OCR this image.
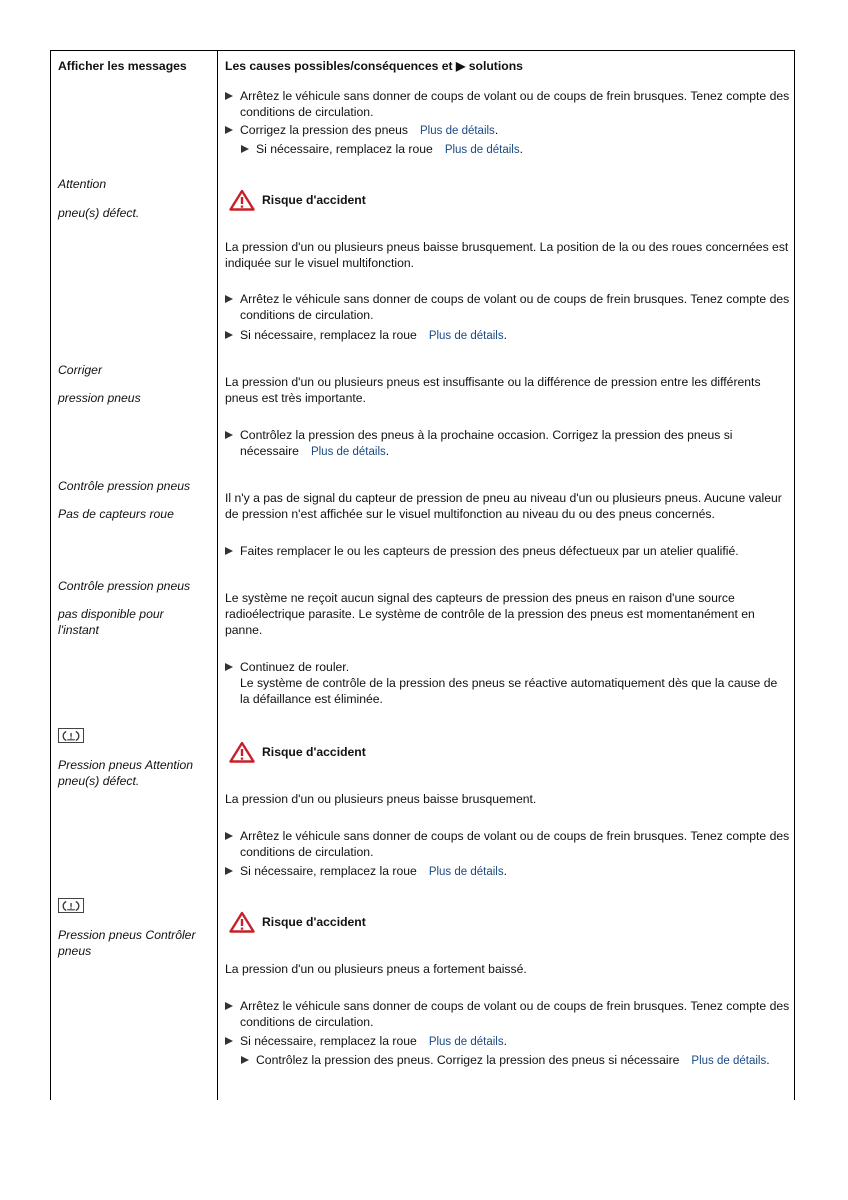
Afficher les messages	Les causes possibles/conséquences et ▶ solutions
Arrêtez le véhicule sans donner de coups de volant ou de coups de frein brusques. Tenez compte des conditions de circulation.
Corrigez la pression des pneus Plus de détails.
Si nécessaire, remplacez la roue Plus de détails.
Attention
pneu(s) défect.
Risque d'accident
La pression d'un ou plusieurs pneus baisse brusquement. La position de la ou des roues concernées est indiquée sur le visuel multifonction.
Arrêtez le véhicule sans donner de coups de volant ou de coups de frein brusques. Tenez compte des conditions de circulation.
Si nécessaire, remplacez la roue Plus de détails.
Corriger
pression pneus
La pression d'un ou plusieurs pneus est insuffisante ou la différence de pression entre les différents pneus est très importante.
Contrôlez la pression des pneus à la prochaine occasion. Corrigez la pression des pneus si nécessaire Plus de détails.
Contrôle pression pneus
Pas de capteurs roue
Il n'y a pas de signal du capteur de pression de pneu au niveau d'un ou plusieurs pneus. Aucune valeur de pression n'est affichée sur le visuel multifonction au niveau du ou des pneus concernés.
Faites remplacer le ou les capteurs de pression des pneus défectueux par un atelier qualifié.
Contrôle pression pneus
pas disponible pour l'instant
Le système ne reçoit aucun signal des capteurs de pression des pneus en raison d'une source radioélectrique parasite. Le système de contrôle de la pression des pneus est momentanément en panne.
Continuez de rouler.
Le système de contrôle de la pression des pneus se réactive automatiquement dès que la cause de la défaillance est éliminée.
Pression pneus Attention pneu(s) défect.
Risque d'accident
La pression d'un ou plusieurs pneus baisse brusquement.
Arrêtez le véhicule sans donner de coups de volant ou de coups de frein brusques. Tenez compte des conditions de circulation.
Si nécessaire, remplacez la roue Plus de détails.
Pression pneus Contrôler pneus
Risque d'accident
La pression d'un ou plusieurs pneus a fortement baissé.
Arrêtez le véhicule sans donner de coups de volant ou de coups de frein brusques. Tenez compte des conditions de circulation.
Si nécessaire, remplacez la roue Plus de détails.
Contrôlez la pression des pneus. Corrigez la pression des pneus si nécessaire Plus de détails.
